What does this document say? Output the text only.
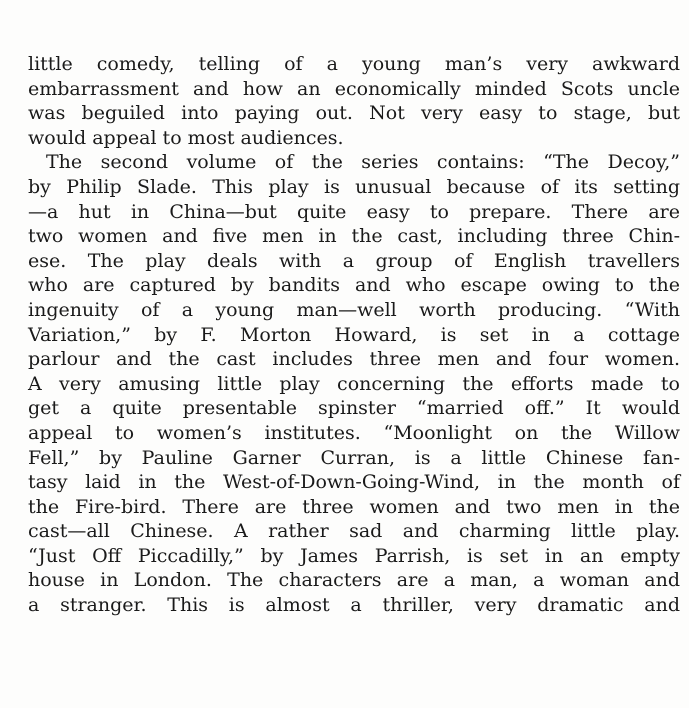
little comedy, telling of a young man’s very awkward
embarrassment and how an economically minded Scots uncle
was beguiled into paying out. Not very easy to stage, but
would appeal to most audiences.
The second volume of the series contains: “The Decoy,”
by Philip Slade. This play is unusual because of its setting
—a hut in China—but quite easy to prepare. There are
two women and five men in the cast, including three Chin-
ese. The play deals with a group of English travellers
who are captured by bandits and who escape owing to the
ingenuity of a young man—well worth producing. “With
Variation,” by F. Morton Howard, is set in a cottage
parlour and the cast includes three men and four women.
A very amusing little play concerning the efforts made to
get a quite presentable spinster “married off.” It would
appeal to women’s institutes. “Moonlight on the Willow
Fell,” by Pauline Garner Curran, is a little Chinese fan-
tasy laid in the West-of-Down-Going-Wind, in the month of
the Fire-bird. There are three women and two men in the
cast—all Chinese. A rather sad and charming little play.
“Just Off Piccadilly,” by James Parrish, is set in an empty
house in London. The characters are a man, a woman and
a stranger. This is almost a thriller, very dramatic and
